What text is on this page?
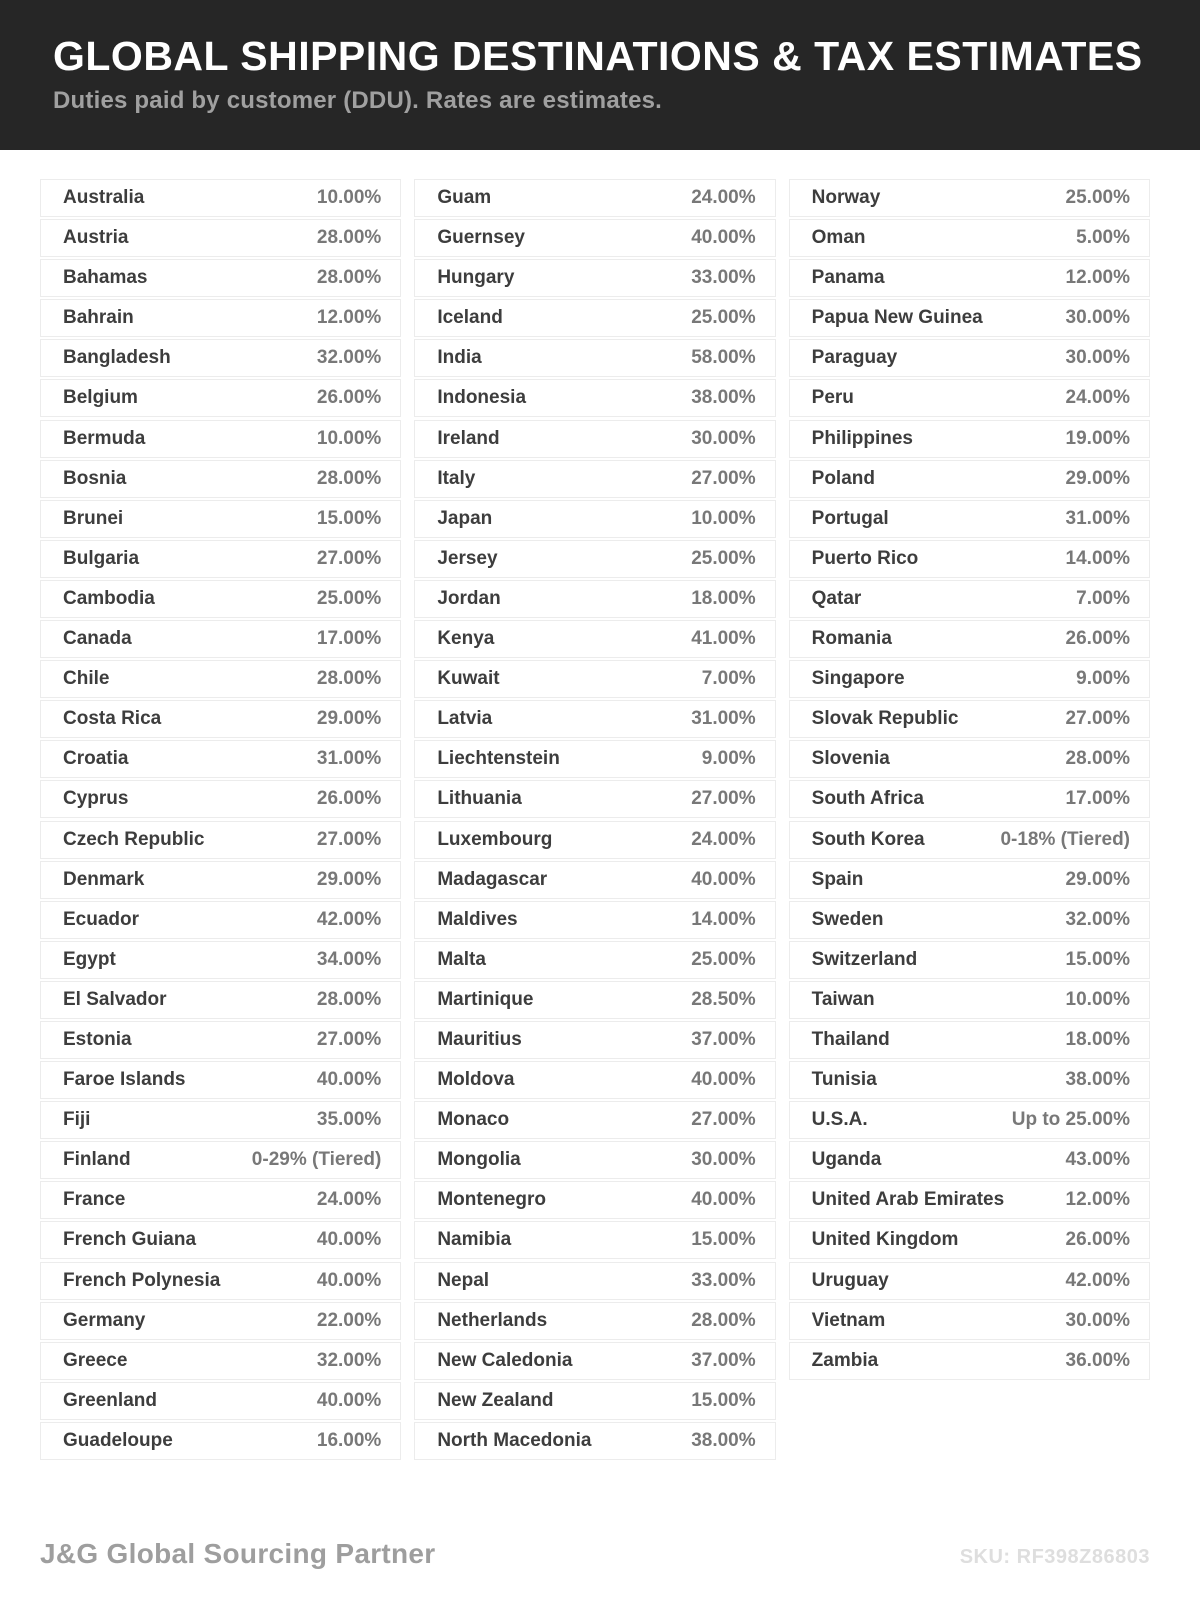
GLOBAL SHIPPING DESTINATIONS & TAX ESTIMATES
Duties paid by customer (DDU). Rates are estimates.
Australia	10.00%
Austria	28.00%
Bahamas	28.00%
Bahrain	12.00%
Bangladesh	32.00%
Belgium	26.00%
Bermuda	10.00%
Bosnia	28.00%
Brunei	15.00%
Bulgaria	27.00%
Cambodia	25.00%
Canada	17.00%
Chile	28.00%
Costa Rica	29.00%
Croatia	31.00%
Cyprus	26.00%
Czech Republic	27.00%
Denmark	29.00%
Ecuador	42.00%
Egypt	34.00%
El Salvador	28.00%
Estonia	27.00%
Faroe Islands	40.00%
Fiji	35.00%
Finland	0-29% (Tiered)
France	24.00%
French Guiana	40.00%
French Polynesia	40.00%
Germany	22.00%
Greece	32.00%
Greenland	40.00%
Guadeloupe	16.00%
Guam	24.00%
Guernsey	40.00%
Hungary	33.00%
Iceland	25.00%
India	58.00%
Indonesia	38.00%
Ireland	30.00%
Italy	27.00%
Japan	10.00%
Jersey	25.00%
Jordan	18.00%
Kenya	41.00%
Kuwait	7.00%
Latvia	31.00%
Liechtenstein	9.00%
Lithuania	27.00%
Luxembourg	24.00%
Madagascar	40.00%
Maldives	14.00%
Malta	25.00%
Martinique	28.50%
Mauritius	37.00%
Moldova	40.00%
Monaco	27.00%
Mongolia	30.00%
Montenegro	40.00%
Namibia	15.00%
Nepal	33.00%
Netherlands	28.00%
New Caledonia	37.00%
New Zealand	15.00%
North Macedonia	38.00%
Norway	25.00%
Oman	5.00%
Panama	12.00%
Papua New Guinea	30.00%
Paraguay	30.00%
Peru	24.00%
Philippines	19.00%
Poland	29.00%
Portugal	31.00%
Puerto Rico	14.00%
Qatar	7.00%
Romania	26.00%
Singapore	9.00%
Slovak Republic	27.00%
Slovenia	28.00%
South Africa	17.00%
South Korea	0-18% (Tiered)
Spain	29.00%
Sweden	32.00%
Switzerland	15.00%
Taiwan	10.00%
Thailand	18.00%
Tunisia	38.00%
U.S.A.	Up to 25.00%
Uganda	43.00%
United Arab Emirates	12.00%
United Kingdom	26.00%
Uruguay	42.00%
Vietnam	30.00%
Zambia	36.00%
J&G Global Sourcing Partner	SKU: RF398Z86803
